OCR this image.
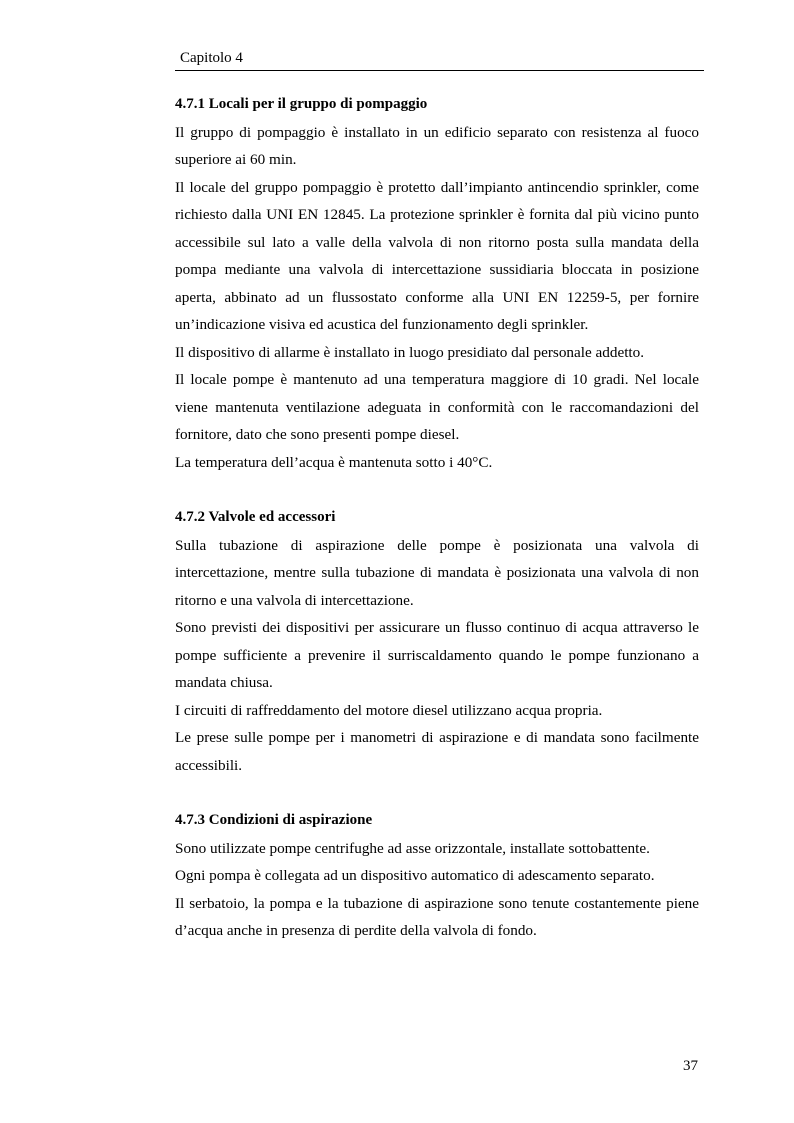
Capitolo 4
4.7.1 Locali per il gruppo di pompaggio

Il gruppo di pompaggio è installato in un edificio separato con resistenza al fuoco superiore ai 60 min.

Il locale del gruppo pompaggio è protetto dall’impianto antincendio sprinkler, come richiesto dalla UNI EN 12845. La protezione sprinkler è fornita dal più vicino punto accessibile sul lato a valle della valvola di non ritorno posta sulla mandata della pompa mediante una valvola di intercettazione sussidiaria bloccata in posizione aperta, abbinato ad un flussostato conforme alla UNI EN 12259-5, per fornire un’indicazione visiva ed acustica del funzionamento degli sprinkler.

Il dispositivo di allarme è installato in luogo presidiato dal personale addetto.

Il locale pompe è mantenuto ad una temperatura maggiore di 10 gradi. Nel locale viene mantenuta ventilazione adeguata in conformità con le raccomandazioni del fornitore, dato che sono presenti pompe diesel.

La temperatura dell’acqua è mantenuta sotto i 40°C.

4.7.2 Valvole ed accessori

Sulla tubazione di aspirazione delle pompe è posizionata una valvola di intercettazione, mentre sulla tubazione di mandata è posizionata una valvola di non ritorno e una valvola di intercettazione.

Sono previsti dei dispositivi per assicurare un flusso continuo di acqua attraverso le pompe sufficiente a prevenire il surriscaldamento quando le pompe funzionano a mandata chiusa.

I circuiti di raffreddamento del motore diesel utilizzano acqua propria.

Le prese sulle pompe per i manometri di aspirazione e di mandata sono facilmente accessibili.

4.7.3 Condizioni di aspirazione

Sono utilizzate pompe centrifughe ad asse orizzontale, installate sottobattente.

Ogni pompa è collegata ad un dispositivo automatico di adescamento separato.

Il serbatoio, la pompa e la tubazione di aspirazione sono tenute costantemente piene d’acqua anche in presenza di perdite della valvola di fondo.

37
